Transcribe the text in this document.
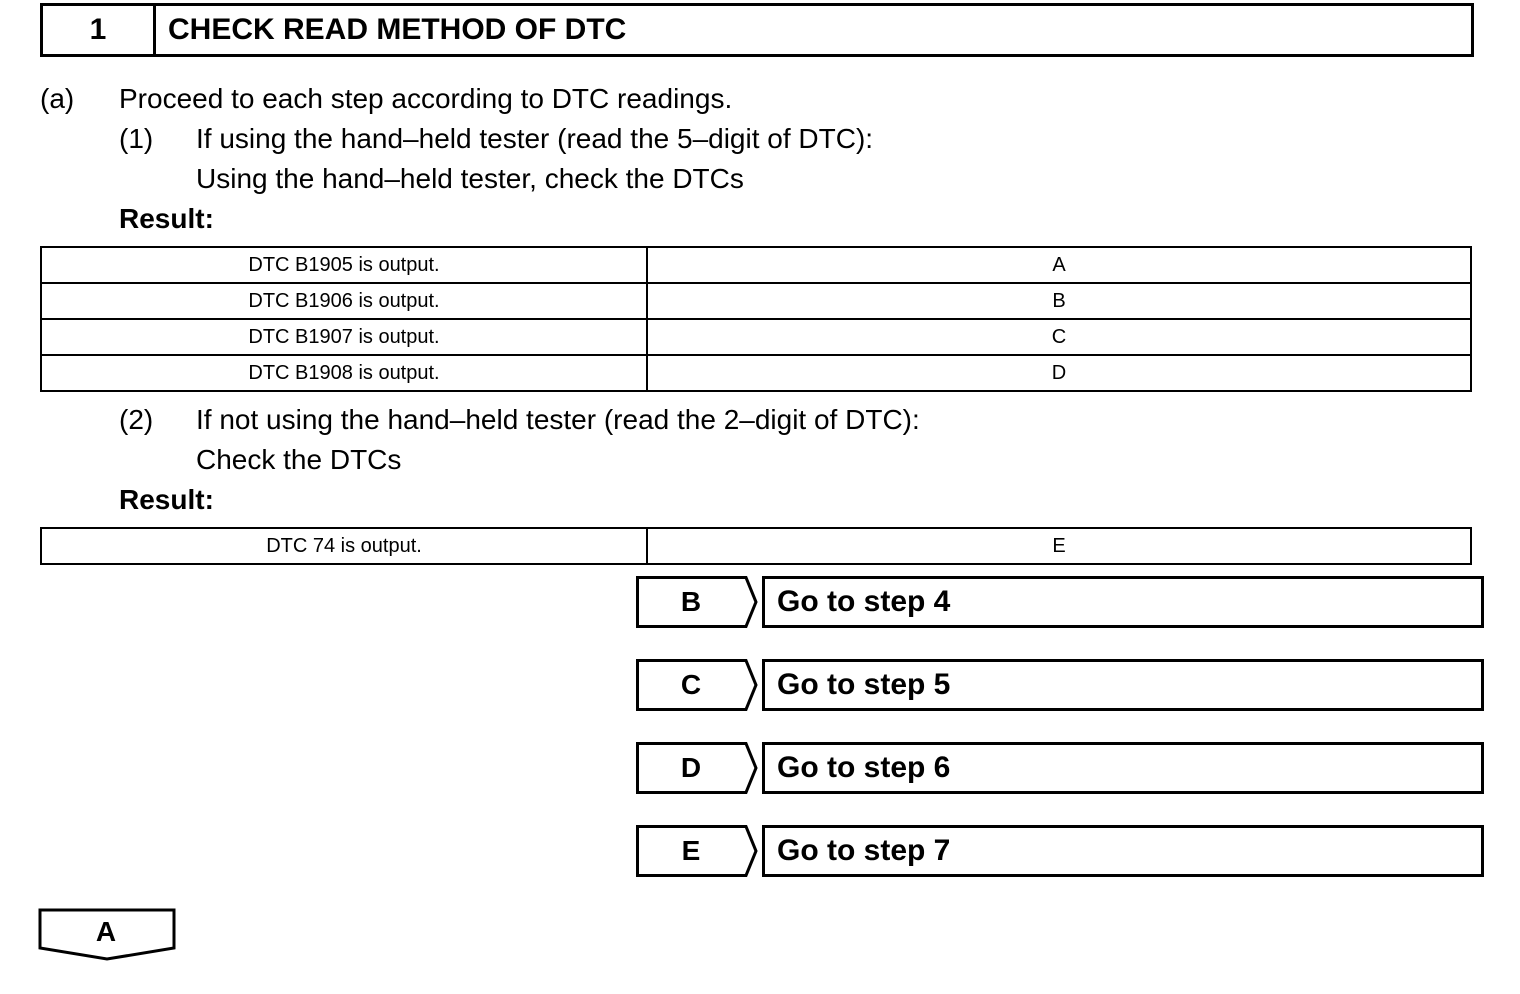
1	CHECK READ METHOD OF DTC
(a) Proceed to each step according to DTC readings.
(1) If using the hand–held tester (read the 5–digit of DTC):
Using the hand–held tester, check the DTCs
Result:
DTC B1905 is output.	A
DTC B1906 is output.	B
DTC B1907 is output.	C
DTC B1908 is output.	D
(2) If not using the hand–held tester (read the 2–digit of DTC):
Check the DTCs
Result:
DTC 74 is output.	E
B	Go to step 4
C	Go to step 5
D	Go to step 6
E	Go to step 7
A
